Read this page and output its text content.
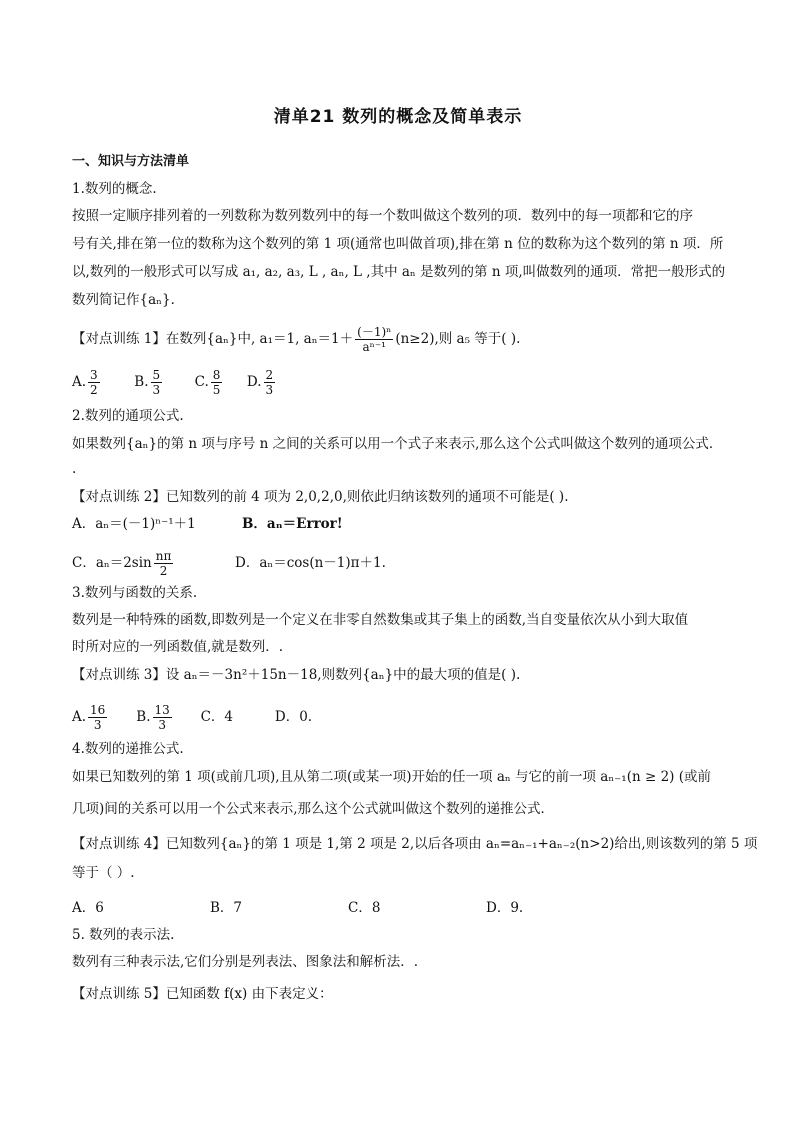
清单21 数列的概念及简单表示
一、知识与方法清单
1.数列的概念.
按照一定顺序排列着的一列数称为数列数列中的每一个数叫做这个数列的项．数列中的每一项都和它的序
号有关,排在第一位的数称为这个数列的第 1 项(通常也叫做首项),排在第 n 位的数称为这个数列的第 n 项．所
以,数列的一般形式可以写成 a₁, a₂, a₃, L , aₙ, L ,其中 aₙ 是数列的第 n 项,叫做数列的通项．常把一般形式的
数列简记作{aₙ}．
【对点训练 1】在数列{aₙ}中, a₁＝1, $a_n=1+ \frac{\text{(－1)ⁿ}}{\text{aⁿ⁻¹}} (n\ge 2)$,则 a₅ 等于( ).
A. $\frac{3}{2}$	B. $\frac{5}{3} C$. $\frac{8}{5} D$. $\frac{2}{3}$
2.数列的通项公式.
如果数列{aₙ}的第 n 项与序号 n 之间的关系可以用一个式子来表示,那么这个公式叫做这个数列的通项公式．
.
【对点训练 2】已知数列的前 4 项为 2,0,2,0,则依此归纳该数列的通项不可能是( ).
A．aₙ＝(－1)ⁿ⁻¹＋1	B．aₙ＝Error!
C．$a_n=2\sin \frac{n\pi}{2}$	D．aₙ＝cos(n－1)π＋1.
3.数列与函数的关系.
数列是一种特殊的函数,即数列是一个定义在非零自然数集或其子集上的函数,当自变量依次从小到大取值
时所对应的一列函数值,就是数列．.
【对点训练 3】设 aₙ＝－3n²＋15n－18,则数列{aₙ}中的最大项的值是( ).
A. $\frac{16}{3} B$. $\frac{13}{3}$ C．4	D．0.
4.数列的递推公式.
如果已知数列的第 1 项(或前几项),且从第二项(或某一项)开始的任一项 aₙ 与它的前一项 aₙ₋₁(n ≥ 2) (或前
几项)间的关系可以用一个公式来表示,那么这个公式就叫做这个数列的递推公式．
【对点训练 4】已知数列{aₙ}的第 1 项是 1,第 2 项是 2,以后各项由 aₙ=aₙ₋₁+aₙ₋₂(n>2)给出,则该数列的第 5 项
等于（ ）.
A．6	B．7	C．8	D．9.
5. 数列的表示法.
数列有三种表示法,它们分别是列表法、图象法和解析法．.
【对点训练 5】已知函数 f(x) 由下表定义：
